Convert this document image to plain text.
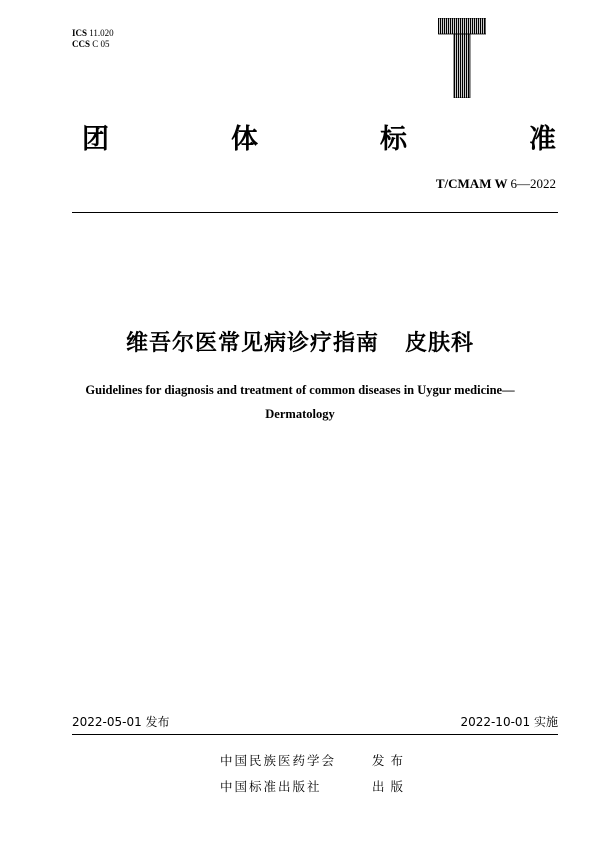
ICS 11.020
CCS C 05
团	体	标	准
T/CMAM W 6—2022
维吾尔医常见病诊疗指南 皮肤科
Guidelines for diagnosis and treatment of common diseases in Uygur medicine—
Dermatology
2022-05-01 发布	2022-10-01 实施
中国民族医药学会	发布
中国标准出版社	出版
